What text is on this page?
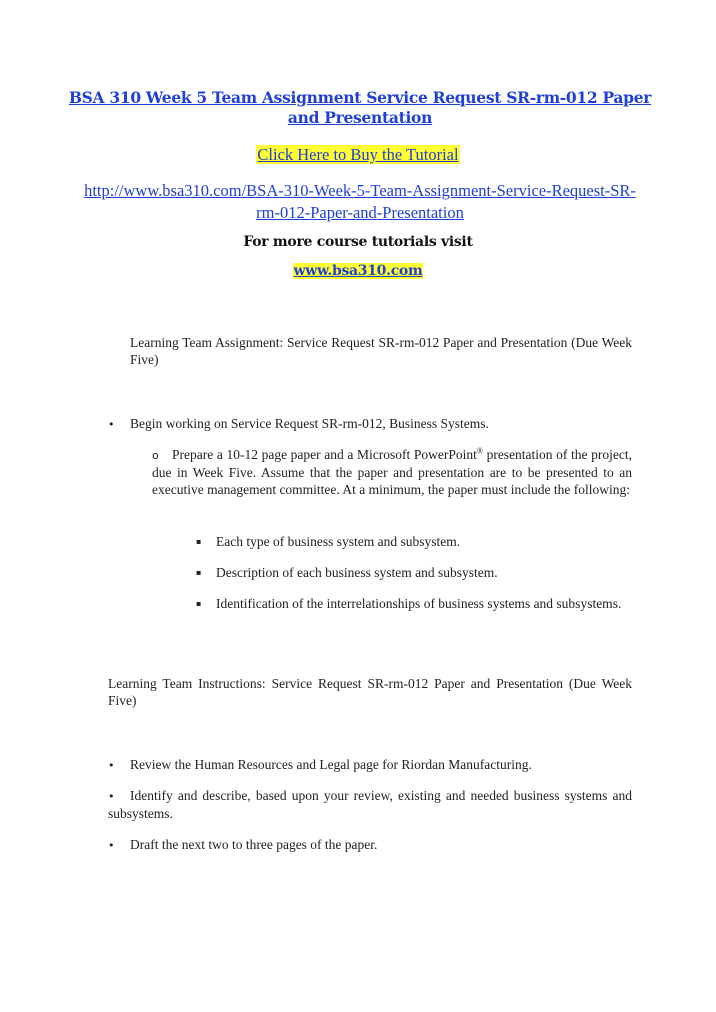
BSA 310 Week 5 Team Assignment Service Request SR-rm-012 Paper and Presentation
Click Here to Buy the Tutorial
http://www.bsa310.com/BSA-310-Week-5-Team-Assignment-Service-Request-SR-rm-012-Paper-and-Presentation
For more course tutorials visit
www.bsa310.com
Learning Team Assignment: Service Request SR-rm-012 Paper and Presentation (Due Week Five)
• Begin working on Service Request SR-rm-012, Business Systems.
o Prepare a 10-12 page paper and a Microsoft PowerPoint® presentation of the project, due in Week Five. Assume that the paper and presentation are to be presented to an executive management committee. At a minimum, the paper must include the following:
▪ Each type of business system and subsystem.
▪ Description of each business system and subsystem.
▪ Identification of the interrelationships of business systems and subsystems.
Learning Team Instructions: Service Request SR-rm-012 Paper and Presentation (Due Week Five)
• Review the Human Resources and Legal page for Riordan Manufacturing.
• Identify and describe, based upon your review, existing and needed business systems and subsystems.
• Draft the next two to three pages of the paper.
